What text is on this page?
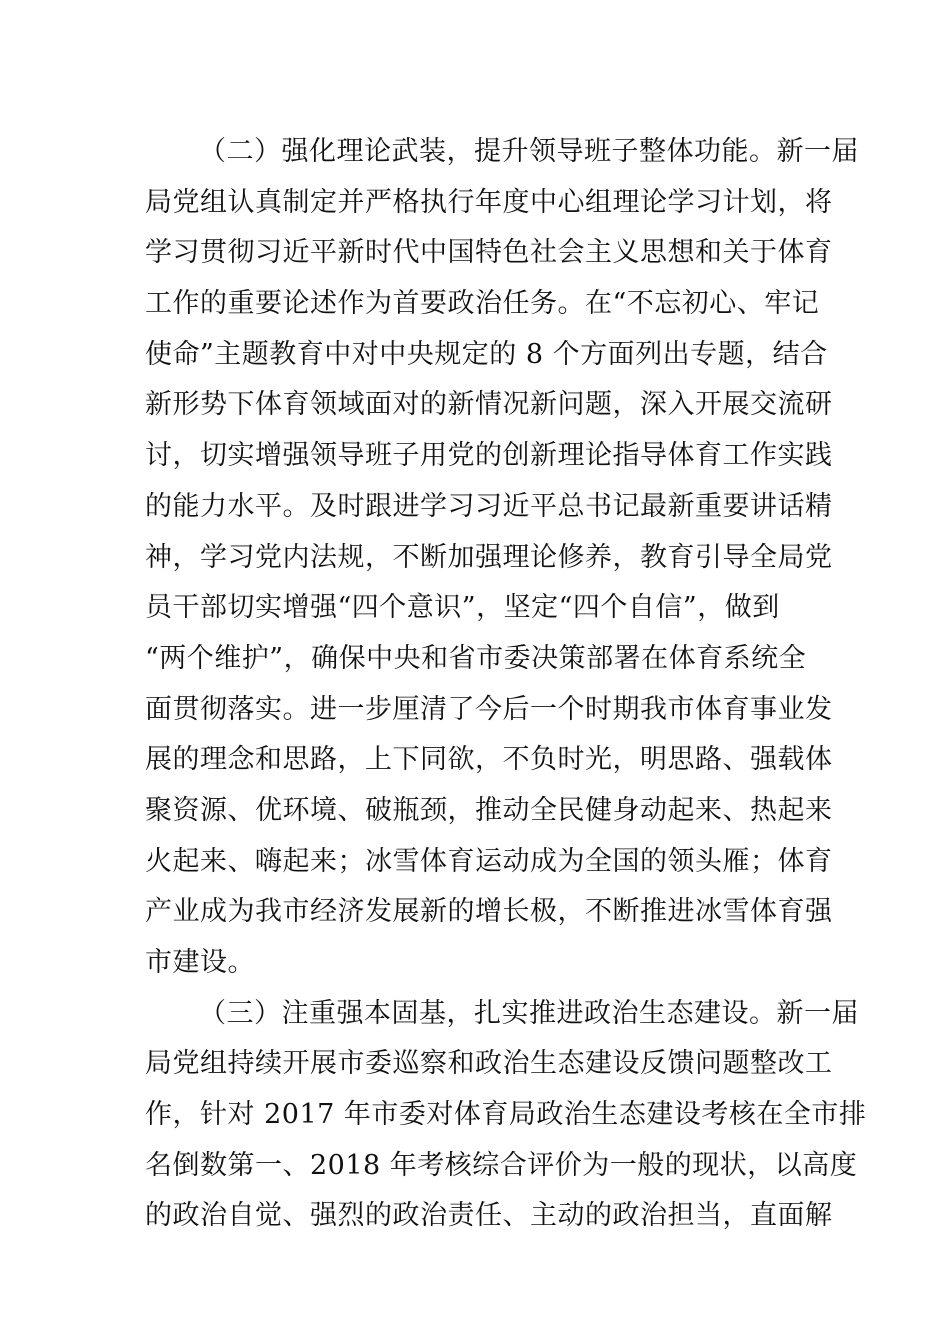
（二）强化理论武装，提升领导班子整体功能。新一届
局党组认真制定并严格执行年度中心组理论学习计划，将
学习贯彻习近平新时代中国特色社会主义思想和关于体育
工作的重要论述作为首要政治任务。在“不忘初心、牢记
使命”主题教育中对中央规定的 8 个方面列出专题，结合
新形势下体育领域面对的新情况新问题，深入开展交流研
讨，切实增强领导班子用党的创新理论指导体育工作实践
的能力水平。及时跟进学习习近平总书记最新重要讲话精
神，学习党内法规，不断加强理论修养，教育引导全局党
员干部切实增强“四个意识”，坚定“四个自信”，做到
“两个维护”，确保中央和省市委决策部署在体育系统全
面贯彻落实。进一步厘清了今后一个时期我市体育事业发
展的理念和思路，上下同欲，不负时光，明思路、强载体
聚资源、优环境、破瓶颈，推动全民健身动起来、热起来
火起来、嗨起来；冰雪体育运动成为全国的领头雁；体育
产业成为我市经济发展新的增长极，不断推进冰雪体育强
市建设。
（三）注重强本固基，扎实推进政治生态建设。新一届
局党组持续开展市委巡察和政治生态建设反馈问题整改工
作，针对 2017 年市委对体育局政治生态建设考核在全市排
名倒数第一、2018 年考核综合评价为一般的现状，以高度
的政治自觉、强烈的政治责任、主动的政治担当，直面解
